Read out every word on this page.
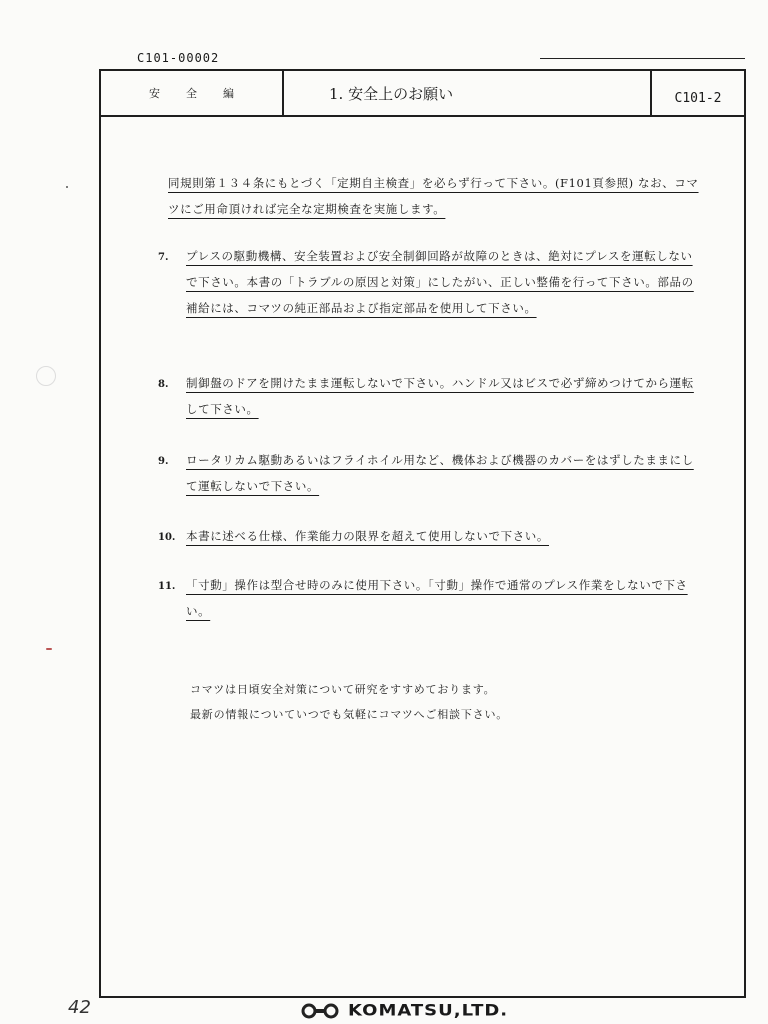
C101-00002
安全編	1. 安全上のお願い	C101-2
同規則第１３４条にもとづく「定期自主検査」を必らず行って下さい。(F101頁参照) なお、コマツにご用命頂ければ完全な定期検査を実施します。
7.	プレスの駆動機構、安全装置および安全制御回路が故障のときは、絶対にプレスを運転しないで下さい。本書の「トラブルの原因と対策」にしたがい、正しい整備を行って下さい。部品の補給には、コマツの純正部品および指定部品を使用して下さい。
8.	制御盤のドアを開けたまま運転しないで下さい。ハンドル又はビスで必ず締めつけてから運転して下さい。
9.	ロータリカム駆動あるいはフライホイル用など、機体および機器のカバーをはずしたままにして運転しないで下さい。
10. 本書に述べる仕様、作業能力の限界を超えて使用しないで下さい。
11. 「寸動」操作は型合せ時のみに使用下さい。「寸動」操作で通常のプレス作業をしないで下さい。
コマツは日頃安全対策について研究をすすめております。
最新の情報についていつでも気軽にコマツへご相談下さい。
42	KOMATSU,LTD.
